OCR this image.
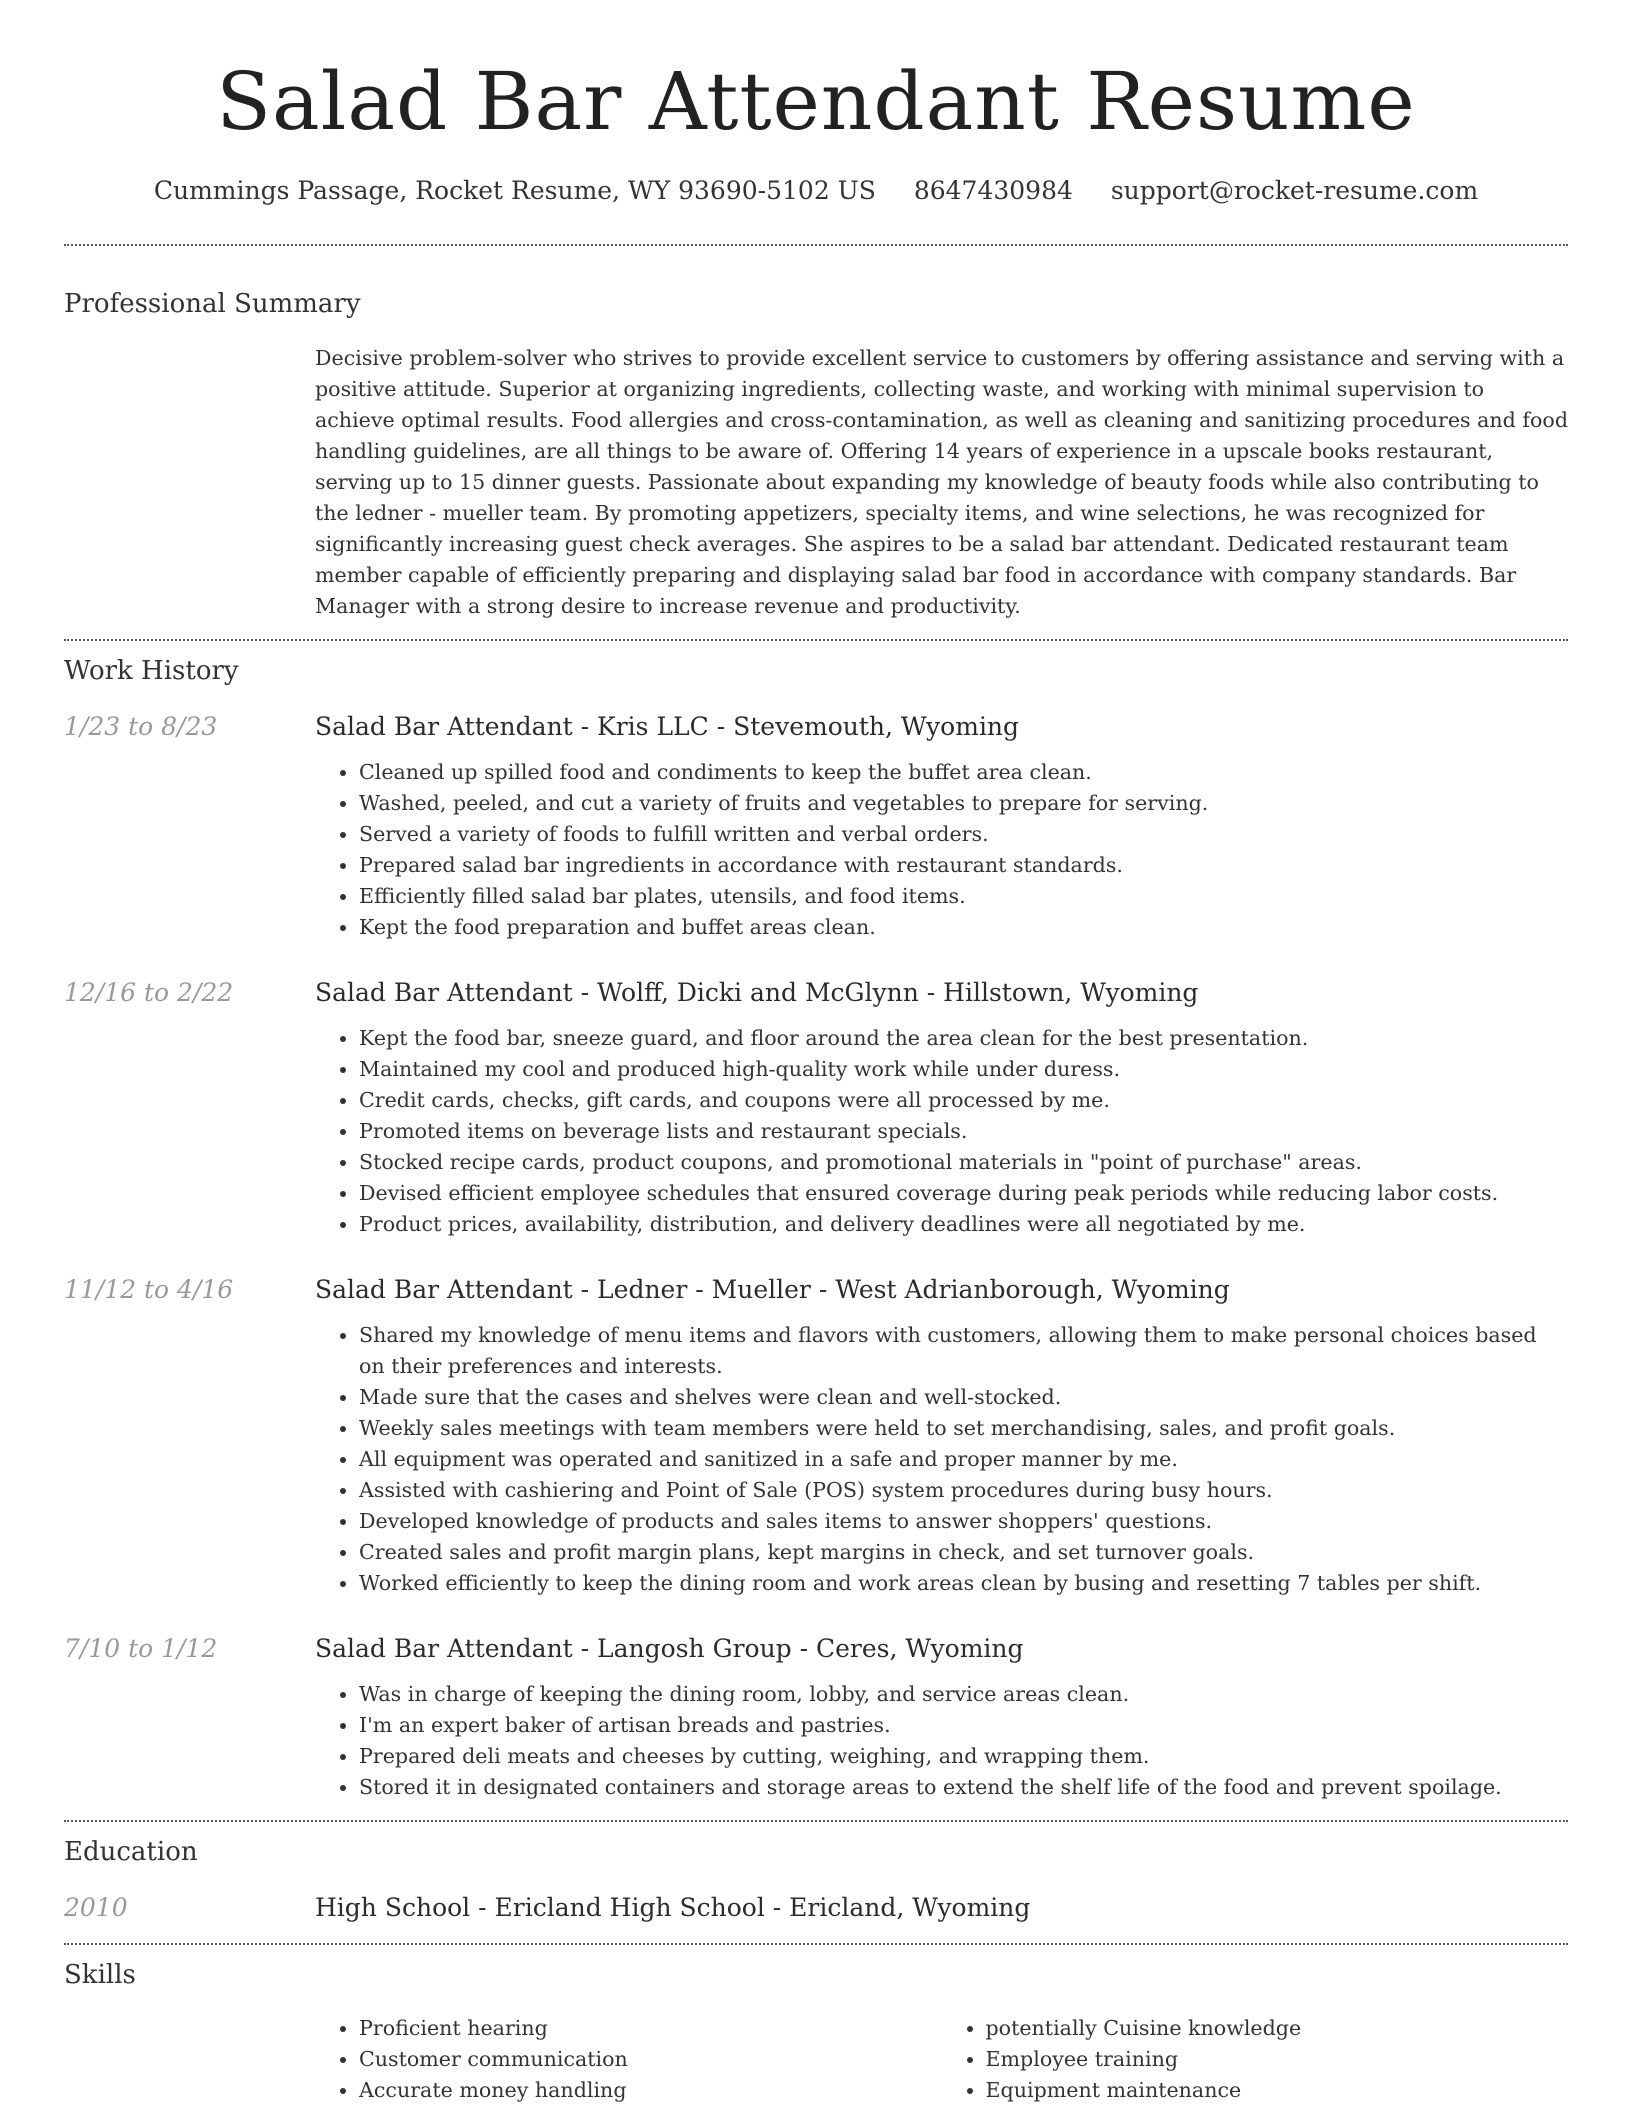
Salad Bar Attendant Resume
Cummings Passage, Rocket Resume, WY 93690-5102 US 8647430984 support@rocket-resume.com
Professional Summary

Decisive problem-solver who strives to provide excellent service to customers by offering assistance and serving with a positive attitude. Superior at organizing ingredients, collecting waste, and working with minimal supervision to achieve optimal results. Food allergies and cross-contamination, as well as cleaning and sanitizing procedures and food handling guidelines, are all things to be aware of. Offering 14 years of experience in a upscale books restaurant, serving up to 15 dinner guests. Passionate about expanding my knowledge of beauty foods while also contributing to the ledner - mueller team. By promoting appetizers, specialty items, and wine selections, he was recognized for significantly increasing guest check averages. She aspires to be a salad bar attendant. Dedicated restaurant team member capable of efficiently preparing and displaying salad bar food in accordance with company standards. Bar Manager with a strong desire to increase revenue and productivity.

Work History
1/23 to 8/23	Salad Bar Attendant - Kris LLC - Stevemouth, Wyoming
• Cleaned up spilled food and condiments to keep the buffet area clean.
• Washed, peeled, and cut a variety of fruits and vegetables to prepare for serving.
• Served a variety of foods to fulfill written and verbal orders.
• Prepared salad bar ingredients in accordance with restaurant standards.
• Efficiently filled salad bar plates, utensils, and food items.
• Kept the food preparation and buffet areas clean.
12/16 to 2/22	Salad Bar Attendant - Wolff, Dicki and McGlynn - Hillstown, Wyoming
• Kept the food bar, sneeze guard, and floor around the area clean for the best presentation.
• Maintained my cool and produced high-quality work while under duress.
• Credit cards, checks, gift cards, and coupons were all processed by me.
• Promoted items on beverage lists and restaurant specials.
• Stocked recipe cards, product coupons, and promotional materials in "point of purchase" areas.
• Devised efficient employee schedules that ensured coverage during peak periods while reducing labor costs.
• Product prices, availability, distribution, and delivery deadlines were all negotiated by me.
11/12 to 4/16	Salad Bar Attendant - Ledner - Mueller - West Adrianborough, Wyoming
• Shared my knowledge of menu items and flavors with customers, allowing them to make personal choices based on their preferences and interests.
• Made sure that the cases and shelves were clean and well-stocked.
• Weekly sales meetings with team members were held to set merchandising, sales, and profit goals.
• All equipment was operated and sanitized in a safe and proper manner by me.
• Assisted with cashiering and Point of Sale (POS) system procedures during busy hours.
• Developed knowledge of products and sales items to answer shoppers' questions.
• Created sales and profit margin plans, kept margins in check, and set turnover goals.
• Worked efficiently to keep the dining room and work areas clean by busing and resetting 7 tables per shift.
7/10 to 1/12	Salad Bar Attendant - Langosh Group - Ceres, Wyoming
• Was in charge of keeping the dining room, lobby, and service areas clean.
• I'm an expert baker of artisan breads and pastries.
• Prepared deli meats and cheeses by cutting, weighing, and wrapping them.
• Stored it in designated containers and storage areas to extend the shelf life of the food and prevent spoilage.
Education
2010	High School - Ericland High School - Ericland, Wyoming
Skills
• Proficient hearing
• Customer communication
• Accurate money handling
• potentially Cuisine knowledge
• Employee training
• Equipment maintenance
